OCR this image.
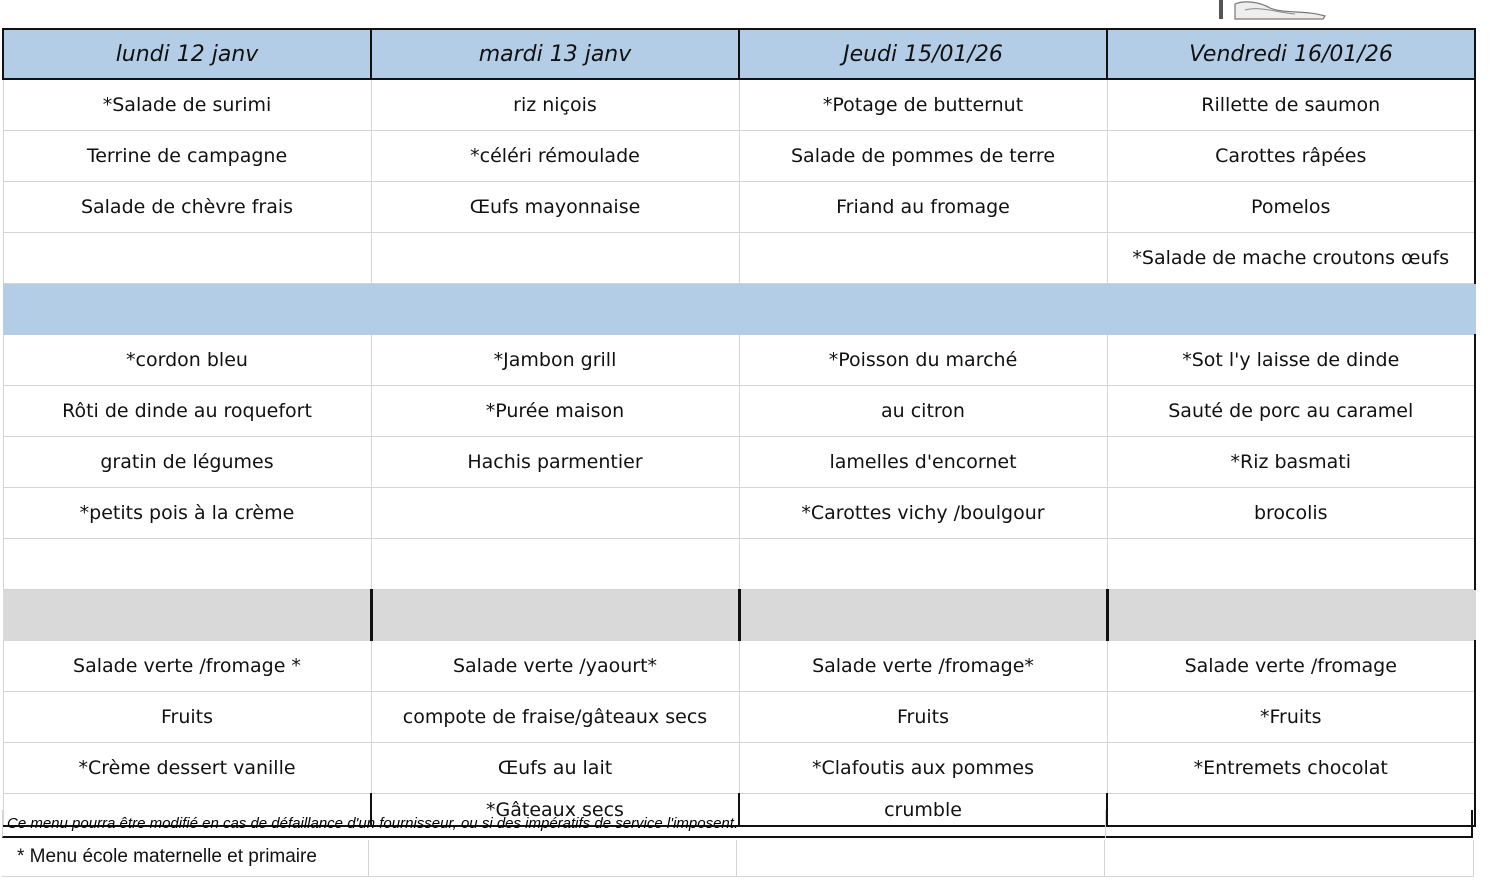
lundi 12 janv	mardi 13 janv	Jeudi 15/01/26	Vendredi 16/01/26
*Salade de surimi	riz niçois	*Potage de butternut	Rillette de saumon
Terrine de campagne	*céléri rémoulade	Salade de pommes de terre	Carottes râpées
Salade de chèvre frais	Œufs mayonnaise	Friand au fromage	Pomelos
			*Salade de mache croutons œufs

*cordon bleu	*Jambon grill	*Poisson du marché	*Sot l'y laisse de dinde
Rôti de dinde au roquefort	*Purée maison	au citron	Sauté de porc au caramel
gratin de légumes	Hachis parmentier	lamelles d'encornet	*Riz basmati
*petits pois à la crème		*Carottes vichy /boulgour	brocolis

Salade verte /fromage *	Salade verte /yaourt*	Salade verte /fromage*	Salade verte /fromage
Fruits	compote de fraise/gâteaux secs	Fruits	*Fruits
*Crème dessert vanille	Œufs au lait	*Clafoutis aux pommes	*Entremets chocolat
	*Gâteaux secs	crumble	
Ce menu pourra être modifié en cas de défaillance d'un fournisseur, ou si des impératifs de service l'imposent.
* Menu école maternelle et primaire
